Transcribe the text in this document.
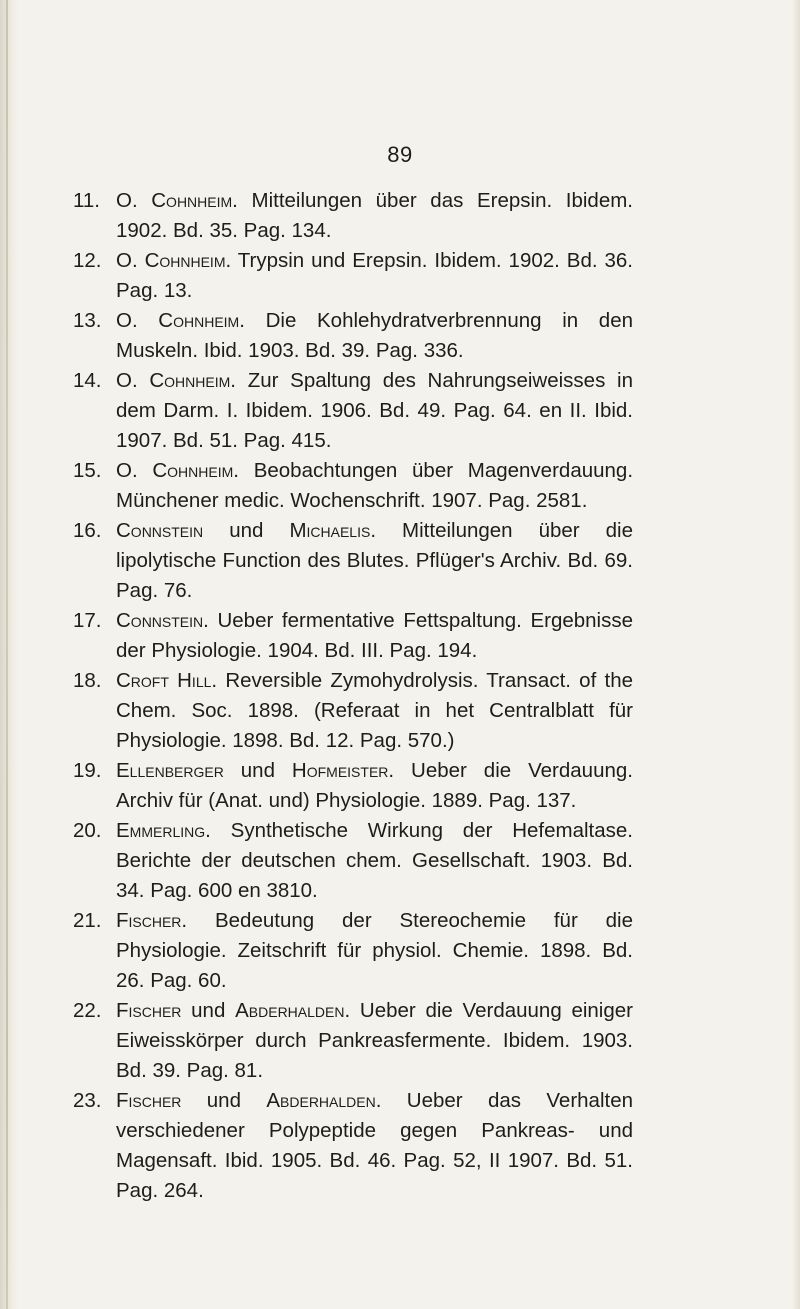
89
11. O. Cohnheim. Mitteilungen über das Erepsin. Ibidem. 1902. Bd. 35. Pag. 134.
12. O. Cohnheim. Trypsin und Erepsin. Ibidem. 1902. Bd. 36. Pag. 13.
13. O. Cohnheim. Die Kohlehydratverbrennung in den Muskeln. Ibid. 1903. Bd. 39. Pag. 336.
14. O. Cohnheim. Zur Spaltung des Nahrungseiweisses in dem Darm. I. Ibidem. 1906. Bd. 49. Pag. 64. en II. Ibid. 1907. Bd. 51. Pag. 415.
15. O. Cohnheim. Beobachtungen über Magenverdauung. Münchener medic. Wochenschrift. 1907. Pag. 2581.
16. Connstein und Michaelis. Mitteilungen über die lipolytische Function des Blutes. Pflüger's Archiv. Bd. 69. Pag. 76.
17. Connstein. Ueber fermentative Fettspaltung. Ergebnisse der Physiologie. 1904. Bd. III. Pag. 194.
18. Croft Hill. Reversible Zymohydrolysis. Transact. of the Chem. Soc. 1898. (Referaat in het Centralblatt für Physiologie. 1898. Bd. 12. Pag. 570.)
19. Ellenberger und Hofmeister. Ueber die Verdauung. Archiv für (Anat. und) Physiologie. 1889. Pag. 137.
20. Emmerling. Synthetische Wirkung der Hefemaltase. Berichte der deutschen chem. Gesellschaft. 1903. Bd. 34. Pag. 600 en 3810.
21. Fischer. Bedeutung der Stereochemie für die Physiologie. Zeitschrift für physiol. Chemie. 1898. Bd. 26. Pag. 60.
22. Fischer und Abderhalden. Ueber die Verdauung einiger Eiweisskörper durch Pankreasfermente. Ibidem. 1903. Bd. 39. Pag. 81.
23. Fischer und Abderhalden. Ueber das Verhalten verschiedener Polypeptide gegen Pankreas- und Magensaft. Ibid. 1905. Bd. 46. Pag. 52, II 1907. Bd. 51. Pag. 264.
